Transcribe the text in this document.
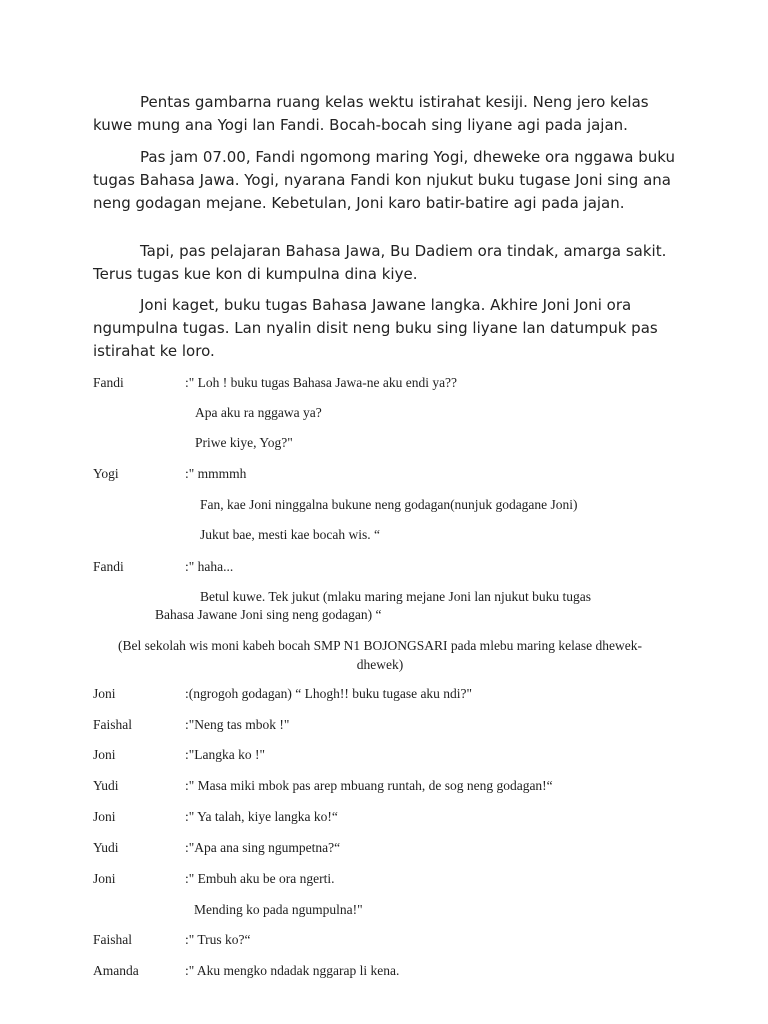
Pentas gambarna ruang kelas wektu istirahat kesiji. Neng jero kelas kuwe mung ana Yogi lan Fandi. Bocah-bocah sing liyane agi pada jajan.

Pas jam 07.00, Fandi ngomong maring Yogi, dheweke ora nggawa buku tugas Bahasa Jawa. Yogi, nyarana Fandi kon njukut buku tugase Joni sing ana neng godagan mejane. Kebetulan, Joni karo batir-batire agi pada jajan.

Tapi, pas pelajaran Bahasa Jawa, Bu Dadiem ora tindak, amarga sakit. Terus tugas kue kon di kumpulna dina kiye.

Joni kaget, buku tugas Bahasa Jawane langka. Akhire Joni Joni ora ngumpulna tugas. Lan nyalin disit neng buku sing liyane lan datumpuk pas istirahat ke loro.

Fandi	:" Loh ! buku tugas Bahasa Jawa-ne aku endi ya??
Apa aku ra nggawa ya?
Priwe kiye, Yog?"
Yogi	:" mmmmh
Fan, kae Joni ninggalna bukune neng godagan(nunjuk godagane Joni)
Jukut bae, mesti kae bocah wis. “
Fandi	:" haha...
Betul kuwe. Tek jukut (mlaku maring mejane Joni lan njukut buku tugas
Bahasa Jawane Joni sing neng godagan) “
(Bel sekolah wis moni kabeh bocah SMP N1 BOJONGSARI pada mlebu maring kelase dhewek-dhewek)
Joni	:(ngrogoh godagan) “ Lhogh!! buku tugase aku ndi?"
Faishal	:"Neng tas mbok !"
Joni	:"Langka ko !"
Yudi	:" Masa miki mbok pas arep mbuang runtah, de sog neng godagan!“
Joni	:" Ya talah, kiye langka ko!“
Yudi	:"Apa ana sing ngumpetna?“
Joni	:" Embuh aku be ora ngerti.
Mending ko pada ngumpulna!"
Faishal	:" Trus ko?“
Amanda	:" Aku mengko ndadak nggarap li kena.
